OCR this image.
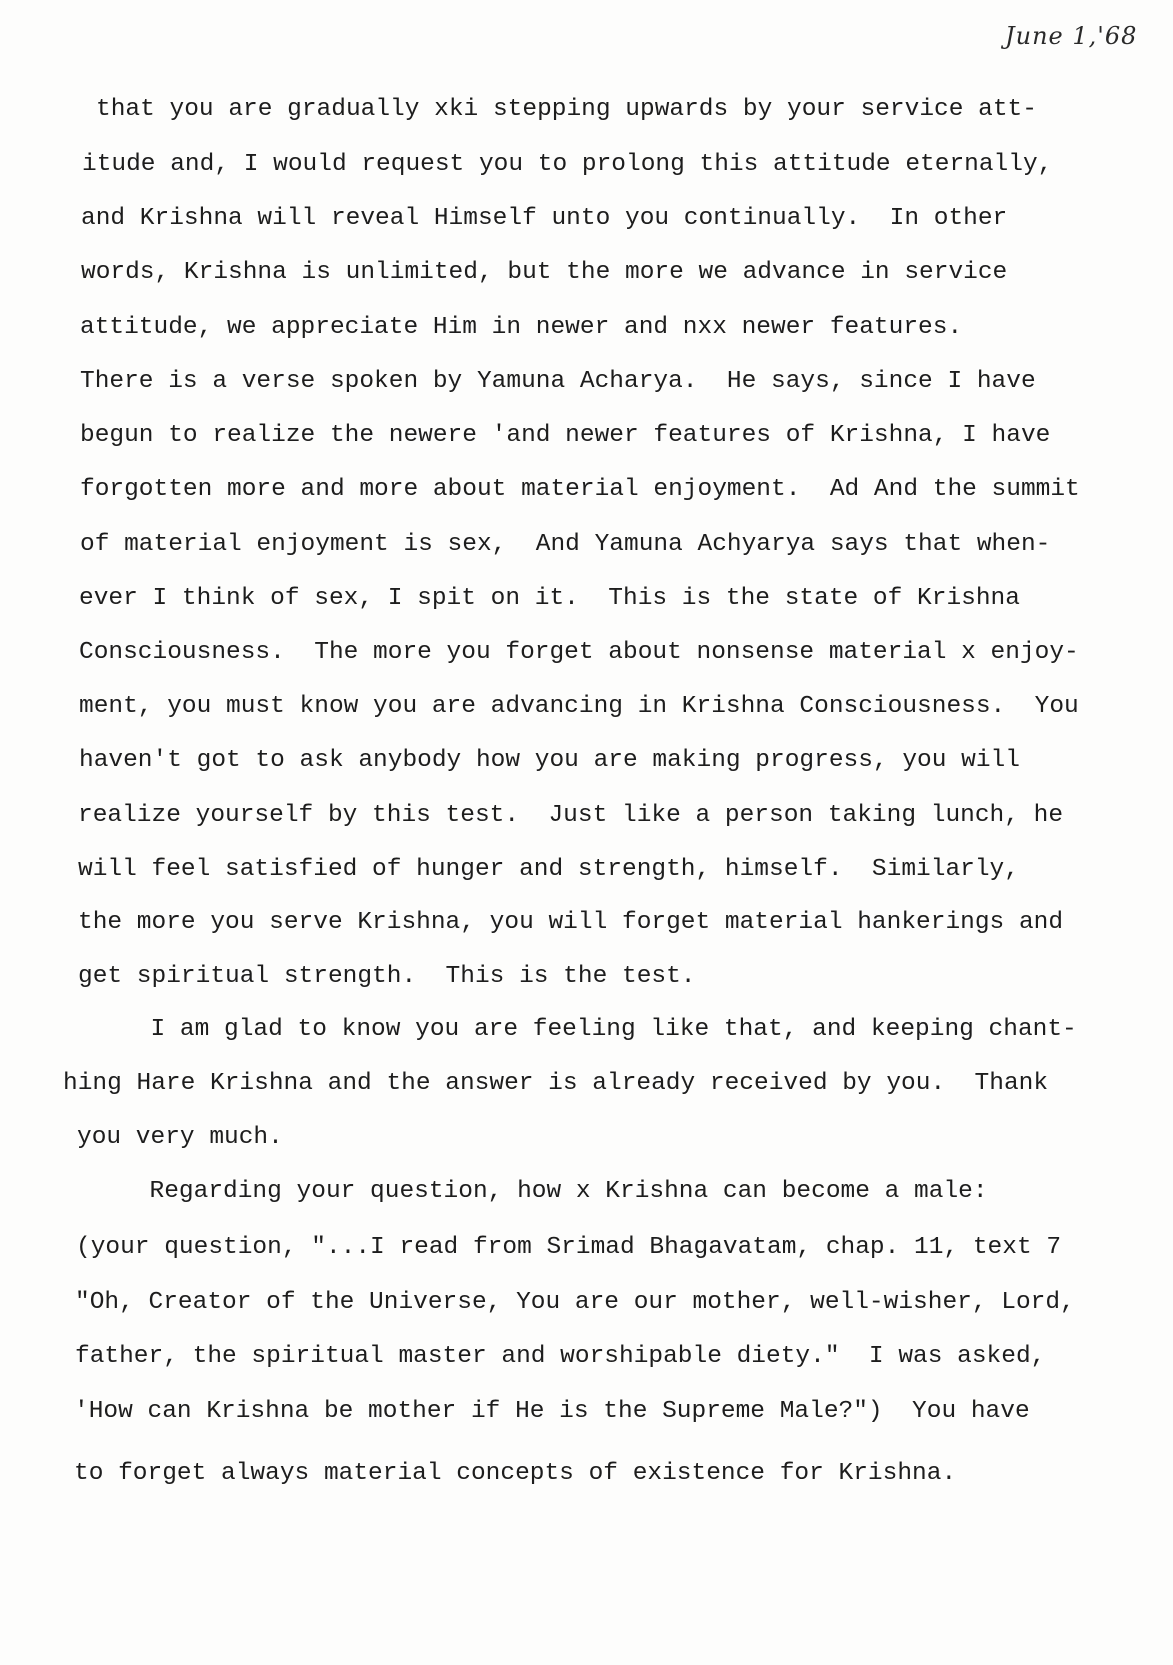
June 1,'68
that you are gradually xki stepping upwards by your service att-
itude and, I would request you to prolong this attitude eternally,
and Krishna will reveal Himself unto you continually.  In other
words, Krishna is unlimited, but the more we advance in service
attitude, we appreciate Him in newer and nxx newer features.
There is a verse spoken by Yamuna Acharya.  He says, since I have
begun to realize the newere 'and newer features of Krishna, I have
forgotten more and more about material enjoyment.  Ad And the summit
of material enjoyment is sex,  And Yamuna Achyarya says that when-
ever I think of sex, I spit on it.  This is the state of Krishna
Consciousness.  The more you forget about nonsense material x enjoy-
ment, you must know you are advancing in Krishna Consciousness.  You
haven't got to ask anybody how you are making progress, you will
realize yourself by this test.  Just like a person taking lunch, he
will feel satisfied of hunger and strength, himself.  Similarly,
the more you serve Krishna, you will forget material hankerings and
get spiritual strength.  This is the test.
I am glad to know you are feeling like that, and keeping chant-
hing Hare Krishna and the answer is already received by you.  Thank
you very much.
Regarding your question, how x Krishna can become a male:
(your question, "...I read from Srimad Bhagavatam, chap. 11, text 7
"Oh, Creator of the Universe, You are our mother, well-wisher, Lord,
father, the spiritual master and worshipable diety."  I was asked,
'How can Krishna be mother if He is the Supreme Male?")  You have
to forget always material concepts of existence for Krishna.
